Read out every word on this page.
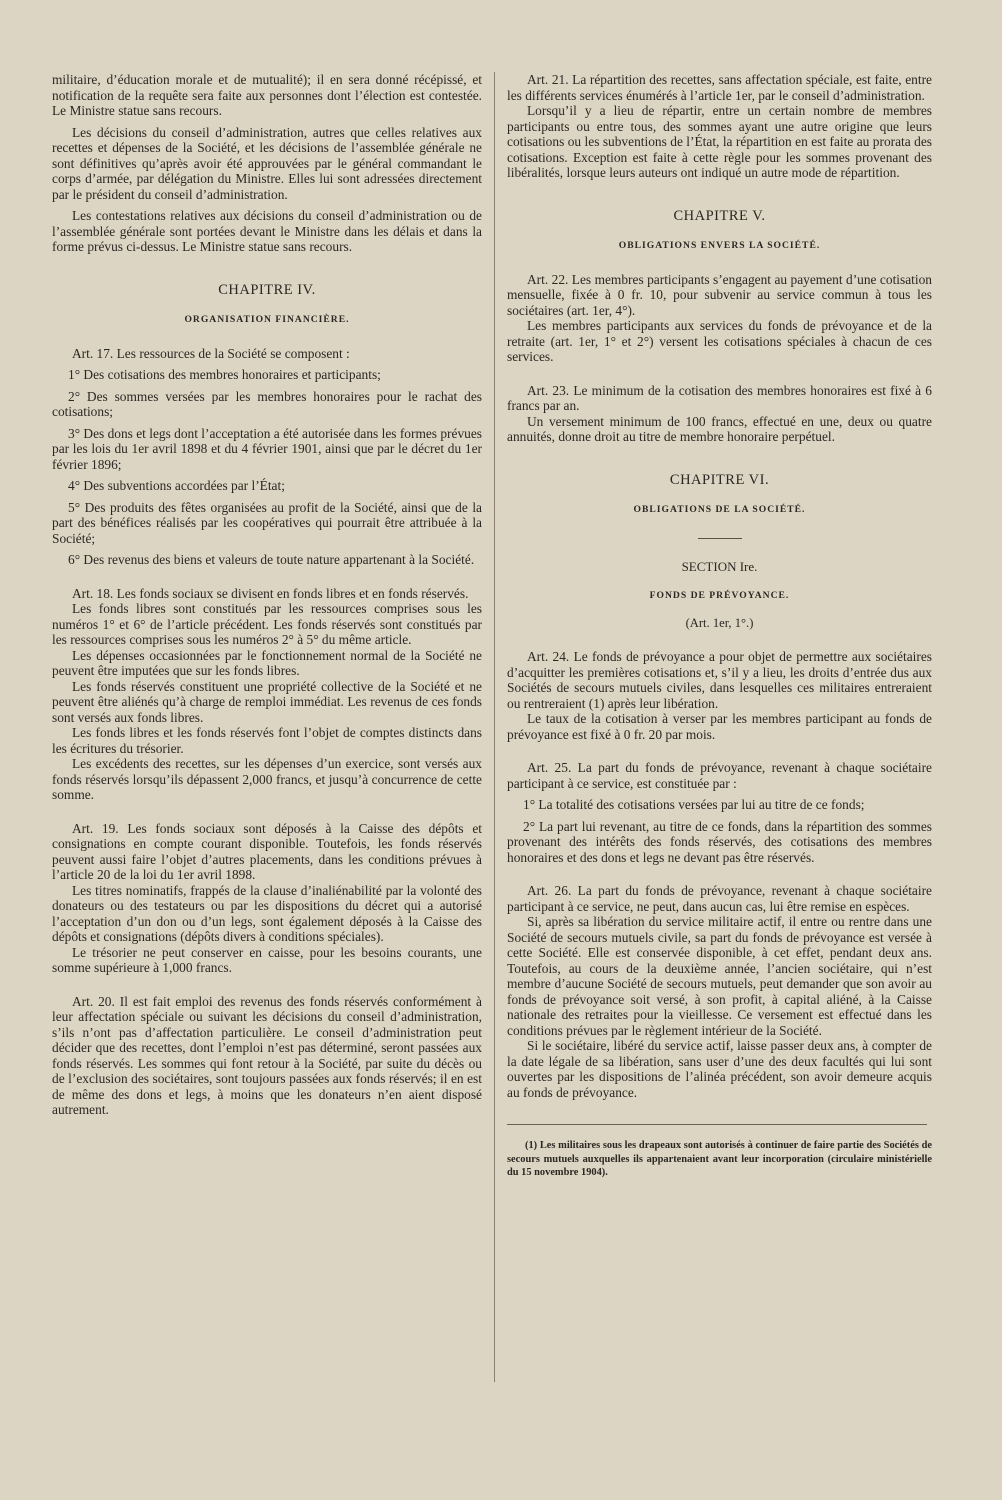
militaire, d’éducation morale et de mutualité); il en sera donné récépissé, et notification de la requête sera faite aux personnes dont l’élection est contestée. Le Ministre statue sans recours.

Les décisions du conseil d’administration, autres que celles relatives aux recettes et dépenses de la Société, et les décisions de l’assemblée générale ne sont définitives qu’après avoir été approuvées par le général commandant le corps d’armée, par délégation du Ministre. Elles lui sont adressées directement par le président du conseil d’administration.

Les contestations relatives aux décisions du conseil d’administration ou de l’assemblée générale sont portées devant le Ministre dans les délais et dans la forme prévus ci-dessus. Le Ministre statue sans recours.

CHAPITRE IV.
ORGANISATION FINANCIÈRE.

Art. 17. Les ressources de la Société se composent :

1° Des cotisations des membres honoraires et participants;

2° Des sommes versées par les membres honoraires pour le rachat des cotisations;

3° Des dons et legs dont l’acceptation a été autorisée dans les formes prévues par les lois du 1er avril 1898 et du 4 février 1901, ainsi que par le décret du 1er février 1896;

4° Des subventions accordées par l’État;

5° Des produits des fêtes organisées au profit de la Société, ainsi que de la part des bénéfices réalisés par les coopératives qui pourrait être attribuée à la Société;

6° Des revenus des biens et valeurs de toute nature appartenant à la Société.

Art. 18. Les fonds sociaux se divisent en fonds libres et en fonds réservés.

Les fonds libres sont constitués par les ressources comprises sous les numéros 1° et 6° de l’article précédent. Les fonds réservés sont constitués par les ressources comprises sous les numéros 2° à 5° du même article.

Les dépenses occasionnées par le fonctionnement normal de la Société ne peuvent être imputées que sur les fonds libres.

Les fonds réservés constituent une propriété collective de la Société et ne peuvent être aliénés qu’à charge de remploi immédiat. Les revenus de ces fonds sont versés aux fonds libres.

Les fonds libres et les fonds réservés font l’objet de comptes distincts dans les écritures du trésorier.

Les excédents des recettes, sur les dépenses d’un exercice, sont versés aux fonds réservés lorsqu’ils dépassent 2,000 francs, et jusqu’à concurrence de cette somme.

Art. 19. Les fonds sociaux sont déposés à la Caisse des dépôts et consignations en compte courant disponible. Toutefois, les fonds réservés peuvent aussi faire l’objet d’autres placements, dans les conditions prévues à l’article 20 de la loi du 1er avril 1898.

Les titres nominatifs, frappés de la clause d’inaliénabilité par la volonté des donateurs ou des testateurs ou par les dispositions du décret qui a autorisé l’acceptation d’un don ou d’un legs, sont également déposés à la Caisse des dépôts et consignations (dépôts divers à conditions spéciales).

Le trésorier ne peut conserver en caisse, pour les besoins courants, une somme supérieure à 1,000 francs.

Art. 20. Il est fait emploi des revenus des fonds réservés conformément à leur affectation spéciale ou suivant les décisions du conseil d’administration, s’ils n’ont pas d’affectation particulière. Le conseil d’administration peut décider que des recettes, dont l’emploi n’est pas déterminé, seront passées aux fonds réservés. Les sommes qui font retour à la Société, par suite du décès ou de l’exclusion des sociétaires, sont toujours passées aux fonds réservés; il en est de même des dons et legs, à moins que les donateurs n’en aient disposé autrement.

Art. 21. La répartition des recettes, sans affectation spéciale, est faite, entre les différents services énumérés à l’article 1er, par le conseil d’administration.

Lorsqu’il y a lieu de répartir, entre un certain nombre de membres participants ou entre tous, des sommes ayant une autre origine que leurs cotisations ou les subventions de l’État, la répartition en est faite au prorata des cotisations. Exception est faite à cette règle pour les sommes provenant des libéralités, lorsque leurs auteurs ont indiqué un autre mode de répartition.

CHAPITRE V.
OBLIGATIONS ENVERS LA SOCIÉTÉ.

Art. 22. Les membres participants s’engagent au payement d’une cotisation mensuelle, fixée à 0 fr. 10, pour subvenir au service commun à tous les sociétaires (art. 1er, 4°).

Les membres participants aux services du fonds de prévoyance et de la retraite (art. 1er, 1° et 2°) versent les cotisations spéciales à chacun de ces services.

Art. 23. Le minimum de la cotisation des membres honoraires est fixé à 6 francs par an.

Un versement minimum de 100 francs, effectué en une, deux ou quatre annuités, donne droit au titre de membre honoraire perpétuel.

CHAPITRE VI.
OBLIGATIONS DE LA SOCIÉTÉ.
SECTION Ire.
FONDS DE PRÉVOYANCE.
(Art. 1er, 1°.)

Art. 24. Le fonds de prévoyance a pour objet de permettre aux sociétaires d’acquitter les premières cotisations et, s’il y a lieu, les droits d’entrée dus aux Sociétés de secours mutuels civiles, dans lesquelles ces militaires entreraient ou rentreraient (1) après leur libération.

Le taux de la cotisation à verser par les membres participant au fonds de prévoyance est fixé à 0 fr. 20 par mois.

Art. 25. La part du fonds de prévoyance, revenant à chaque sociétaire participant à ce service, est constituée par :

1° La totalité des cotisations versées par lui au titre de ce fonds;

2° La part lui revenant, au titre de ce fonds, dans la répartition des sommes provenant des intérêts des fonds réservés, des cotisations des membres honoraires et des dons et legs ne devant pas être réservés.

Art. 26. La part du fonds de prévoyance, revenant à chaque sociétaire participant à ce service, ne peut, dans aucun cas, lui être remise en espèces.

Si, après sa libération du service militaire actif, il entre ou rentre dans une Société de secours mutuels civile, sa part du fonds de prévoyance est versée à cette Société. Elle est conservée disponible, à cet effet, pendant deux ans. Toutefois, au cours de la deuxième année, l’ancien sociétaire, qui n’est membre d’aucune Société de secours mutuels, peut demander que son avoir au fonds de prévoyance soit versé, à son profit, à capital aliéné, à la Caisse nationale des retraites pour la vieillesse. Ce versement est effectué dans les conditions prévues par le règlement intérieur de la Société.

Si le sociétaire, libéré du service actif, laisse passer deux ans, à compter de la date légale de sa libération, sans user d’une des deux facultés qui lui sont ouvertes par les dispositions de l’alinéa précédent, son avoir demeure acquis au fonds de prévoyance.

(1) Les militaires sous les drapeaux sont autorisés à continuer de faire partie des Sociétés de secours mutuels auxquelles ils appartenaient avant leur incorporation (circulaire ministérielle du 15 novembre 1904).
